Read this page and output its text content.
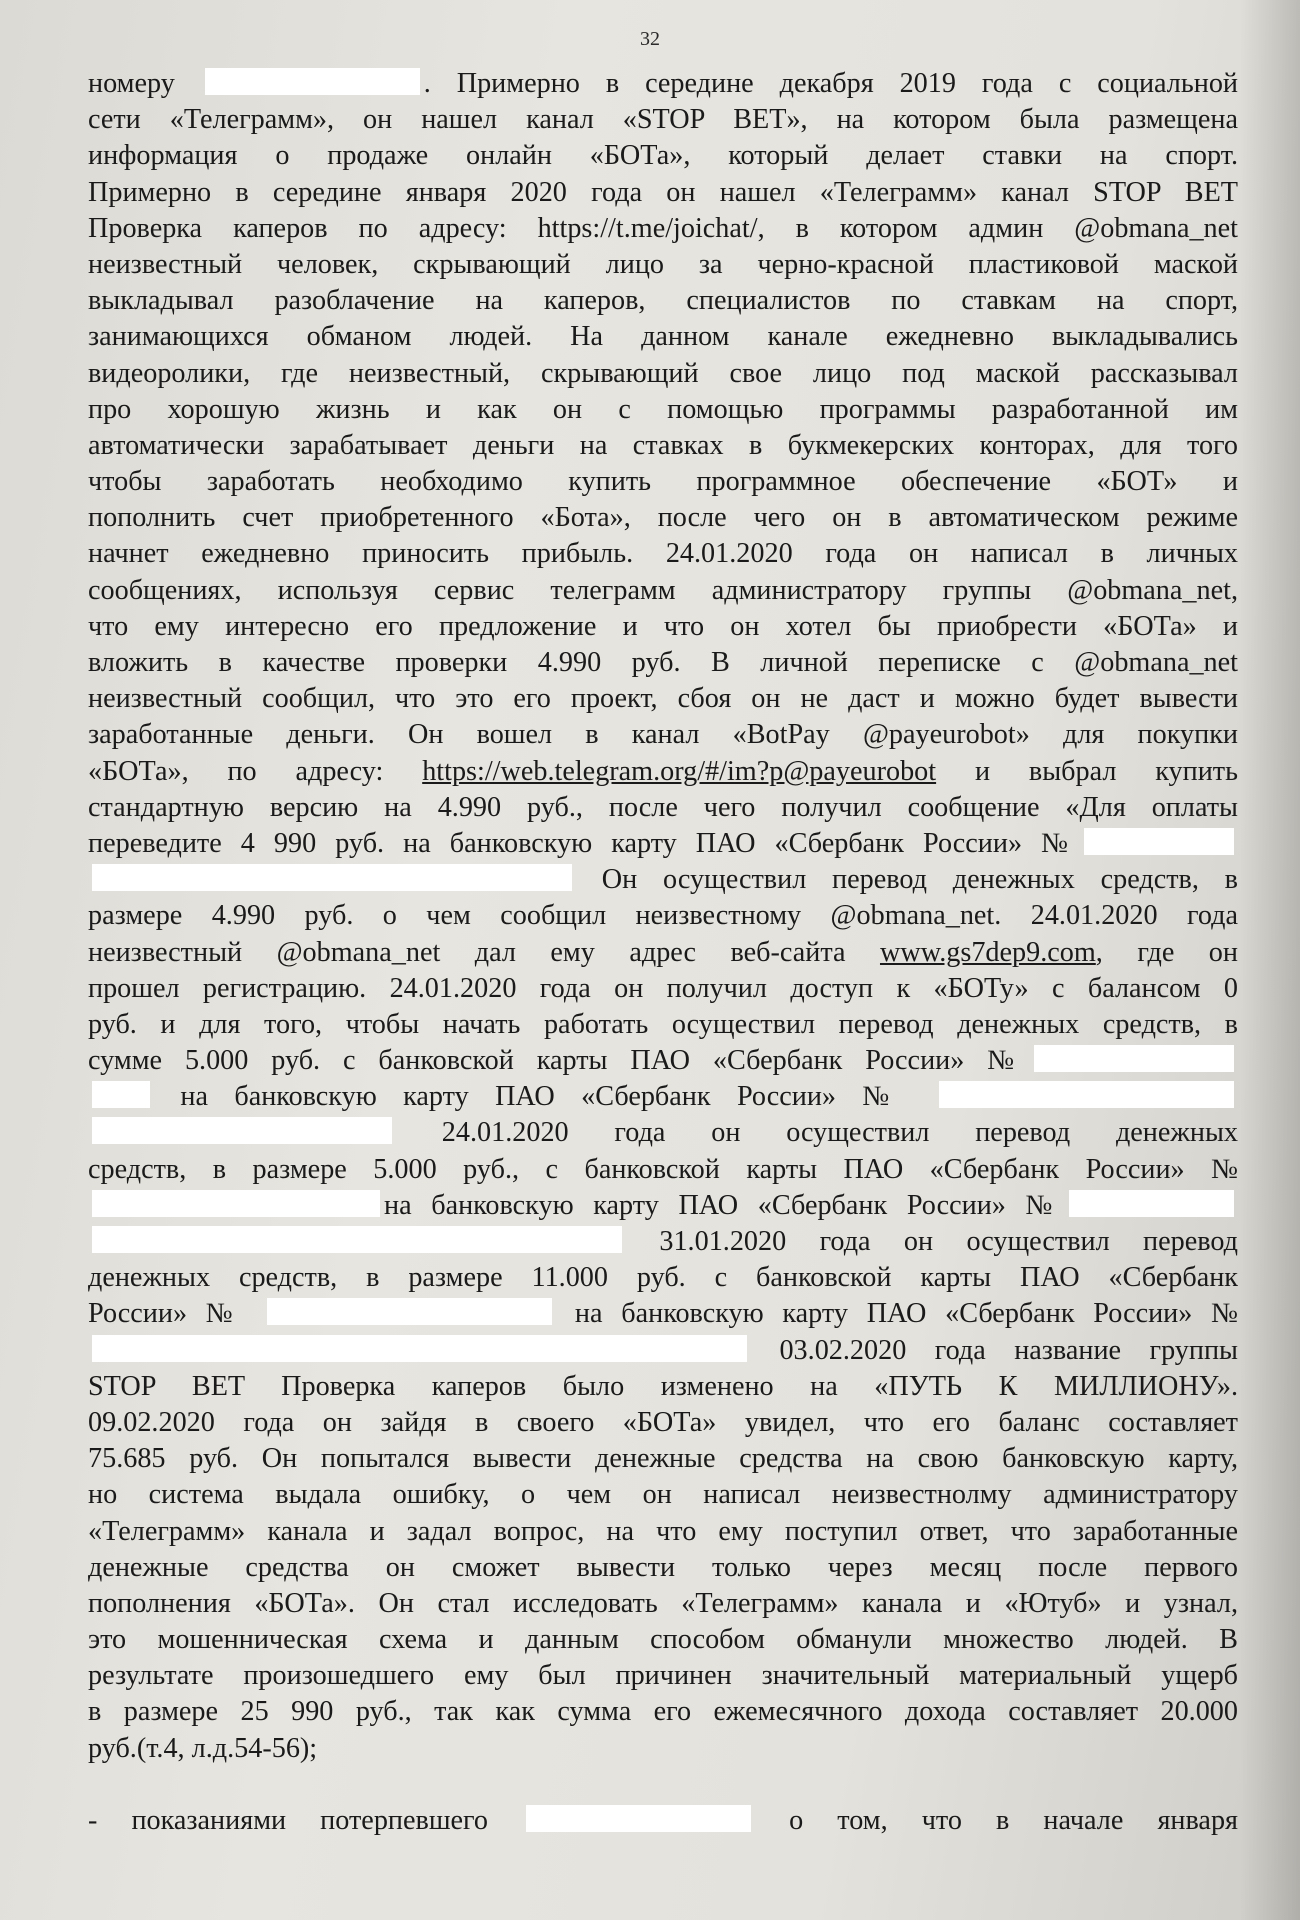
32
номеру	. Примерно в середине декабря 2019 года с социальной
сети «Телеграмм», он нашел канал «STOP BET», на котором была размещена
информация о продаже онлайн «БОТа», который делает ставки на спорт.
Примерно в середине января 2020 года он нашел «Телеграмм» канал STOP BET
Проверка каперов по адресу: https://t.me/joichat/, в котором админ @obmana_net
неизвестный человек, скрывающий лицо за черно-красной пластиковой маской
выкладывал разоблачение на каперов, специалистов по ставкам на спорт,
занимающихся обманом людей. На данном канале ежедневно выкладывались
видеоролики, где неизвестный, скрывающий свое лицо под маской рассказывал
про хорошую жизнь и как он с помощью программы разработанной им
автоматически зарабатывает деньги на ставках в букмекерских конторах, для того
чтобы заработать необходимо купить программное обеспечение «БОТ» и
пополнить счет приобретенного «Бота», после чего он в автоматическом режиме
начнет ежедневно приносить прибыль. 24.01.2020 года он написал в личных
сообщениях, используя сервис телеграмм администратору группы @obmana_net,
что ему интересно его предложение и что он хотел бы приобрести «БОТа» и
вложить в качестве проверки 4.990 руб. В личной переписке с @obmana_net
неизвестный сообщил, что это его проект, сбоя он не даст и можно будет вывести
заработанные деньги. Он вошел в канал «BotPay @payeurobot» для покупки
«БОТа», по адресу: https://web.telegram.org/#/im?p@payeurobot и выбрал купить
стандартную версию на 4.990 руб., после чего получил сообщение «Для оплаты
переведите 4 990 руб. на банковскую карту ПАО «Сбербанк России» №
Он осуществил перевод денежных средств, в
размере 4.990 руб. о чем сообщил неизвестному @obmana_net. 24.01.2020 года
неизвестный @obmana_net дал ему адрес веб-сайта www.gs7dep9.com, где он
прошел регистрацию. 24.01.2020 года он получил доступ к «БОТу» с балансом 0
руб. и для того, чтобы начать работать осуществил перевод денежных средств, в
сумме 5.000 руб. с банковской карты ПАО «Сбербанк России» №
на банковскую карту ПАО «Сбербанк России» №
24.01.2020 года он осуществил перевод денежных
средств, в размере 5.000 руб., с банковской карты ПАО «Сбербанк России» №
на банковскую карту ПАО «Сбербанк России» №
31.01.2020 года он осуществил перевод
денежных средств, в размере 11.000 руб. с банковской карты ПАО «Сбербанк
России» №	на банковскую карту ПАО «Сбербанк России» №
03.02.2020 года название группы
STOP BET Проверка каперов было изменено на «ПУТЬ К МИЛЛИОНУ».
09.02.2020 года он зайдя в своего «БОТа» увидел, что его баланс составляет
75.685 руб. Он попытался вывести денежные средства на свою банковскую карту,
но система выдала ошибку, о чем он написал неизвестнолму администратору
«Телеграмм» канала и задал вопрос, на что ему поступил ответ, что заработанные
денежные средства он сможет вывести только через месяц после первого
пополнения «БОТа». Он стал исследовать «Телеграмм» канала и «Ютуб» и узнал,
это мошенническая схема и данным способом обманули множество людей. В
результате произошедшего ему был причинен значительный материальный ущерб
в размере 25 990 руб., так как сумма его ежемесячного дохода составляет 20.000
руб.(т.4, л.д.54-56);
- показаниями потерпевшего	о том, что в начале января
